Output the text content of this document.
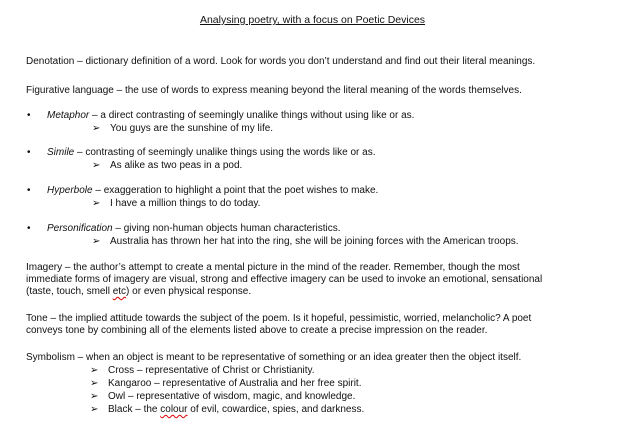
Analysing poetry, with a focus on Poetic Devices
Denotation – dictionary definition of a word. Look for words you don’t understand and find out their literal meanings.
Figurative language – the use of words to express meaning beyond the literal meaning of the words themselves.
• Metaphor – a direct contrasting of seemingly unalike things without using like or as.
➢ You guys are the sunshine of my life.
• Simile – contrasting of seemingly unalike things using the words like or as.
➢ As alike as two peas in a pod.
• Hyperbole – exaggeration to highlight a point that the poet wishes to make.
➢ I have a million things to do today.
• Personification – giving non-human objects human characteristics.
➢ Australia has thrown her hat into the ring, she will be joining forces with the American troops.
Imagery – the author’s attempt to create a mental picture in the mind of the reader. Remember, though the most
immediate forms of imagery are visual, strong and effective imagery can be used to invoke an emotional, sensational
(taste, touch, smell etc) or even physical response.
Tone – the implied attitude towards the subject of the poem. Is it hopeful, pessimistic, worried, melancholic? A poet
conveys tone by combining all of the elements listed above to create a precise impression on the reader.
Symbolism – when an object is meant to be representative of something or an idea greater then the object itself.
➢ Cross – representative of Christ or Christianity.
➢ Kangaroo – representative of Australia and her free spirit.
➢ Owl – representative of wisdom, magic, and knowledge.
➢ Black – the colour of evil, cowardice, spies, and darkness.
